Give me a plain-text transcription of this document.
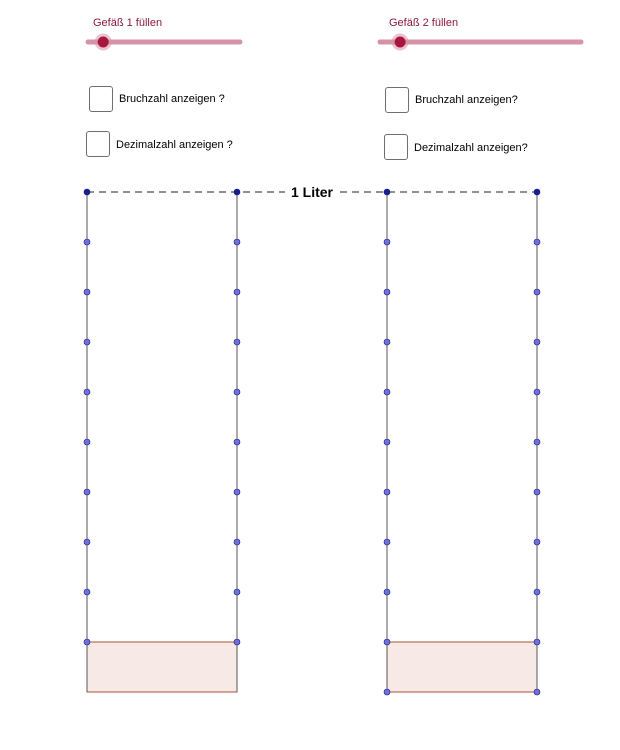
Gefäß 1 füllen
Bruchzahl anzeigen ?
Dezimalzahl anzeigen ?
Gefäß 2 füllen
Bruchzahl anzeigen?
Dezimalzahl anzeigen?
1 Liter
